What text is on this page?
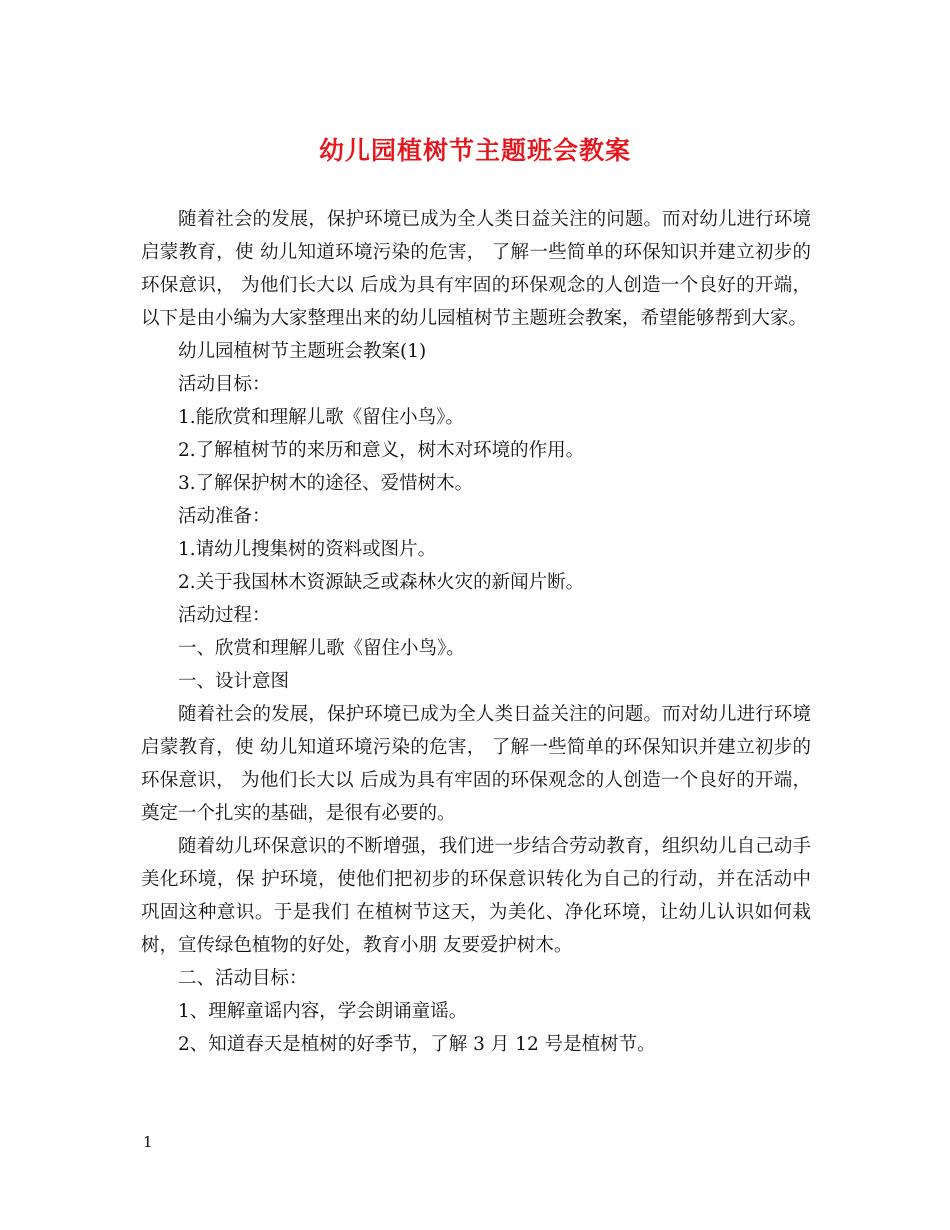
幼儿园植树节主题班会教案

随着社会的发展，保护环境已成为全人类日益关注的问题。而对幼儿进行环境启蒙教育，使 幼儿知道环境污染的危害， 了解一些简单的环保知识并建立初步的环保意识， 为他们长大以 后成为具有牢固的环保观念的人创造一个良好的开端，以下是由小编为大家整理出来的幼儿园植树节主题班会教案，希望能够帮到大家。

幼儿园植树节主题班会教案(1)
活动目标：
1.能欣赏和理解儿歌《留住小鸟》。
2.了解植树节的来历和意义，树木对环境的作用。
3.了解保护树木的途径、爱惜树木。
活动准备：
1.请幼儿搜集树的资料或图片。
2.关于我国林木资源缺乏或森林火灾的新闻片断。
活动过程：
一、欣赏和理解儿歌《留住小鸟》。
一、设计意图

随着社会的发展，保护环境已成为全人类日益关注的问题。而对幼儿进行环境启蒙教育，使 幼儿知道环境污染的危害， 了解一些简单的环保知识并建立初步的环保意识， 为他们长大以 后成为具有牢固的环保观念的人创造一个良好的开端，奠定一个扎实的基础，是很有必要的。

随着幼儿环保意识的不断增强，我们进一步结合劳动教育，组织幼儿自己动手美化环境，保 护环境，使他们把初步的环保意识转化为自己的行动，并在活动中巩固这种意识。于是我们 在植树节这天，为美化、净化环境，让幼儿认识如何栽树，宣传绿色植物的好处，教育小朋 友要爱护树木。

二、活动目标：
1、理解童谣内容，学会朗诵童谣。
2、知道春天是植树的好季节，了解 3 月 12 号是植树节。
1
